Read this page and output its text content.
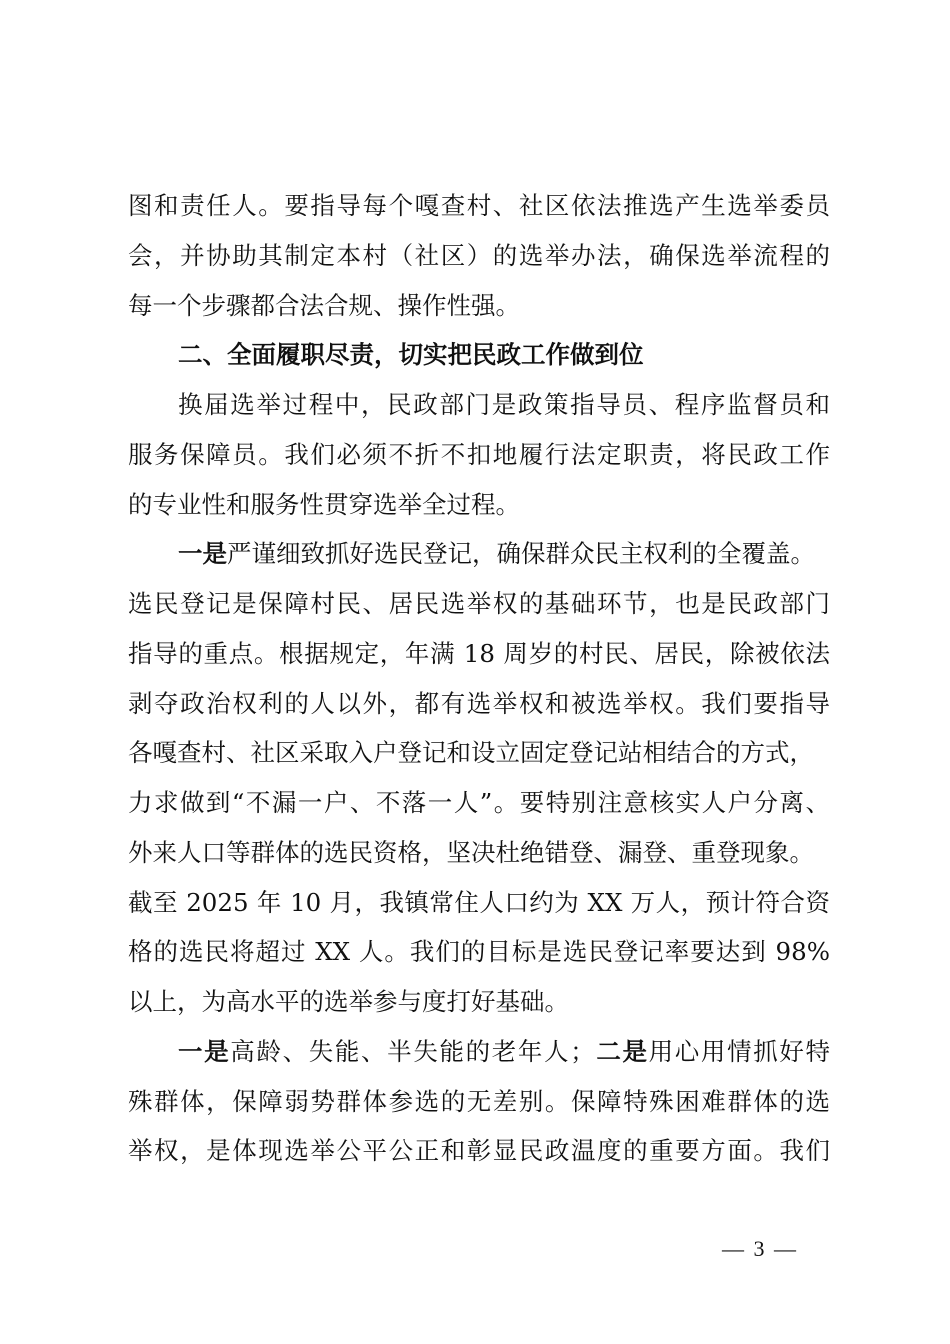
图和责任人。要指导每个嘎查村、社区依法推选产生选举委员
会，并协助其制定本村（社区）的选举办法，确保选举流程的
每一个步骤都合法合规、操作性强。
二、全面履职尽责，切实把民政工作做到位
换届选举过程中，民政部门是政策指导员、程序监督员和
服务保障员。我们必须不折不扣地履行法定职责，将民政工作
的专业性和服务性贯穿选举全过程。
一是严谨细致抓好选民登记，确保群众民主权利的全覆盖。
选民登记是保障村民、居民选举权的基础环节，也是民政部门
指导的重点。根据规定，年满 18 周岁的村民、居民，除被依法
剥夺政治权利的人以外，都有选举权和被选举权。我们要指导
各嘎查村、社区采取入户登记和设立固定登记站相结合的方式，
力求做到“不漏一户、不落一人”。要特别注意核实人户分离、
外来人口等群体的选民资格，坚决杜绝错登、漏登、重登现象。
截至 2025 年 10 月，我镇常住人口约为 XX 万人，预计符合资
格的选民将超过 XX 人。我们的目标是选民登记率要达到 98%
以上，为高水平的选举参与度打好基础。
一是高龄、失能、半失能的老年人；二是用心用情抓好特
殊群体，保障弱势群体参选的无差别。保障特殊困难群体的选
举权，是体现选举公平公正和彰显民政温度的重要方面。我们
— 3 —
